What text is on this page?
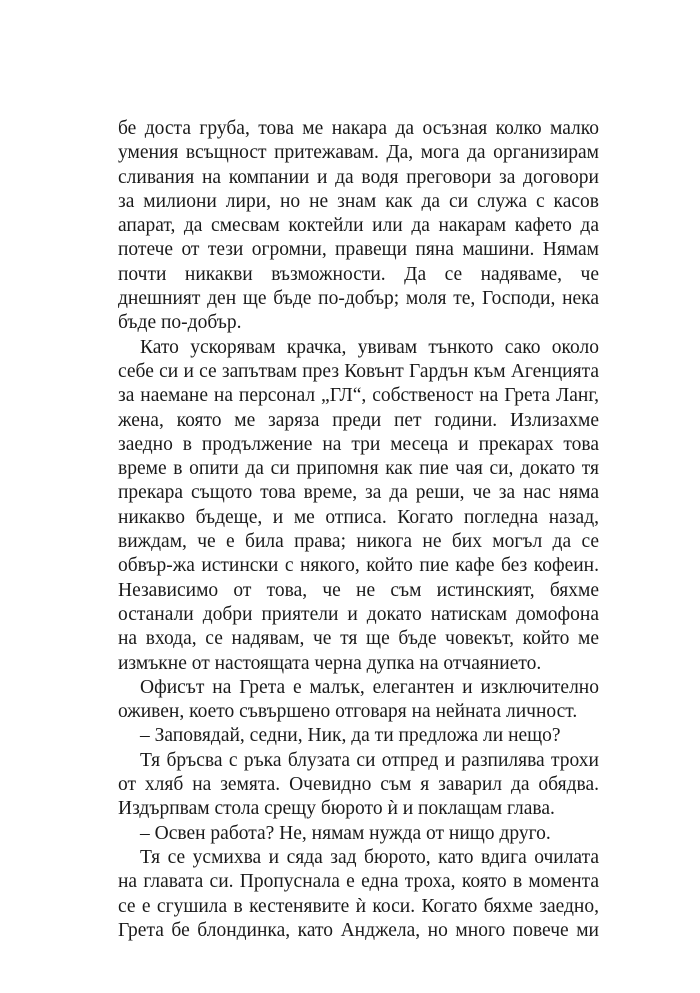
бе доста груба, това ме накара да осъзная колко малко
умения всъщност притежавам. Да, мога да организирам
сливания на компании и да водя преговори за договори
за милиони лири, но не знам как да си служа с касов
апарат, да смесвам коктейли или да накарам кафето да
потече от тези огромни, правещи пяна машини. Нямам
почти никакви възможности. Да се надяваме, че
днешният ден ще бъде по-добър; моля те, Господи, нека
бъде по-добър.
Като ускорявам крачка, увивам тънкото сако около
себе си и се запътвам през Ковънт Гардън към Агенцията
за наемане на персонал „ГЛ“, собственост на Грета Ланг,
жена, която ме заряза преди пет години. Излизахме
заедно в продължение на три месеца и прекарах това
време в опити да си припомня как пие чая си, докато тя
прекара същото това време, за да реши, че за нас няма
никакво бъдеще, и ме отписа. Когато погледна назад,
виждам, че е била права; никога не бих могъл да се
обвър-жа истински с някого, който пие кафе без кофеин.
Независимо от това, че не съм истинският, бяхме
останали добри приятели и докато натискам домофона
на входа, се надявам, че тя ще бъде човекът, който ме
измъкне от настоящата черна дупка на отчаянието.
Офисът на Грета е малък, елегантен и изключително
оживен, което съвършено отговаря на нейната личност.
– Заповядай, седни, Ник, да ти предложа ли нещо?
Тя бръсва с ръка блузата си отпред и разпилява трохи
от хляб на земята. Очевидно съм я заварил да обядва.
Издърпвам стола срещу бюрото ѝ и поклащам глава.
– Освен работа? Не, нямам нужда от нищо друго.
Тя се усмихва и сяда зад бюрото, като вдига очилата
на главата си. Пропуснала е една троха, която в момента
се е сгушила в кестенявите ѝ коси. Когато бяхме заедно,
Грета бе блондинка, като Анджела, но много повече ми
